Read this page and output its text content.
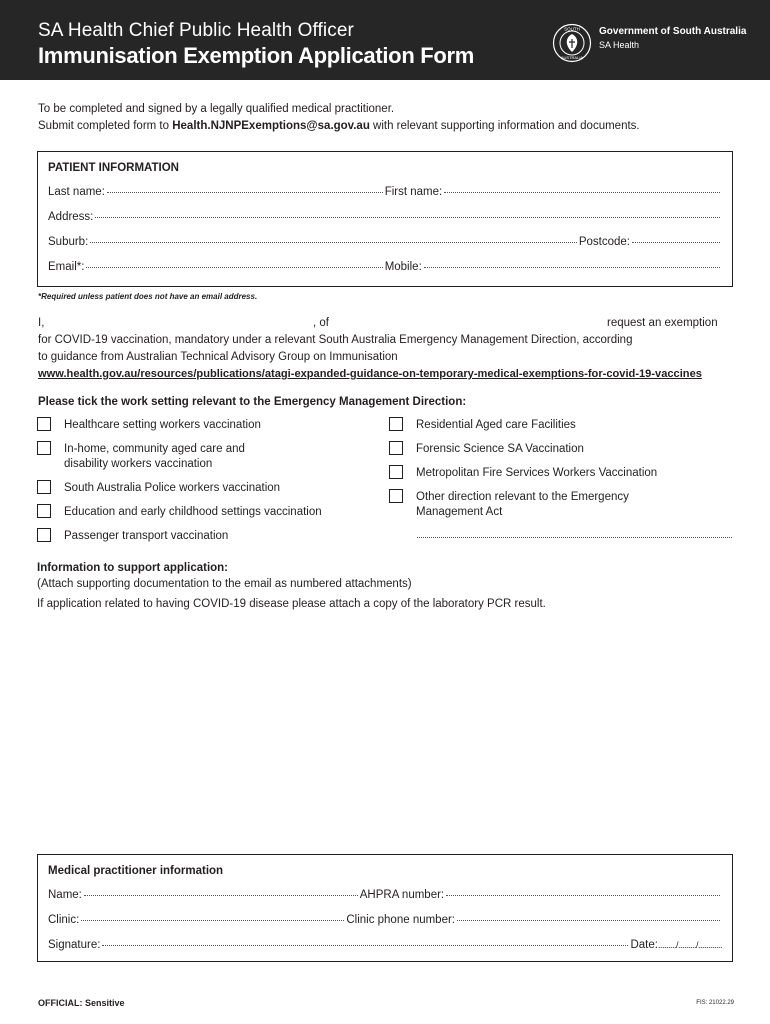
SA Health Chief Public Health Officer
Immunisation Exemption Application Form
SOUTH
AUSTRALIA
Government of South Australia
SA Health
To be completed and signed by a legally qualified medical practitioner.
Submit completed form to Health.NJNPExemptions@sa.gov.au with relevant supporting information and documents.
PATIENT INFORMATION
Last name:	First name:
Address:
Suburb:	Postcode:
Email*:	Mobile:
*Required unless patient does not have an email address.
I,	, of	request an exemption
for COVID-19 vaccination, mandatory under a relevant South Australia Emergency Management Direction, according
to guidance from Australian Technical Advisory Group on Immunisation
www.health.gov.au/resources/publications/atagi-expanded-guidance-on-temporary-medical-exemptions-for-covid-19-vaccines
Please tick the work setting relevant to the Emergency Management Direction:
Healthcare setting workers vaccination
In-home, community aged care and
disability workers vaccination
South Australia Police workers vaccination
Education and early childhood settings vaccination
Passenger transport vaccination
Residential Aged care Facilities
Forensic Science SA Vaccination
Metropolitan Fire Services Workers Vaccination
Other direction relevant to the Emergency
Management Act
Information to support application:
(Attach supporting documentation to the email as numbered attachments)
If application related to having COVID-19 disease please attach a copy of the laboratory PCR result.
Medical practitioner information
Name:	AHPRA number:
Clinic:	Clinic phone number:
Signature:	Date: ........./........./............
OFFICIAL: Sensitive	FIS: 21022.29
